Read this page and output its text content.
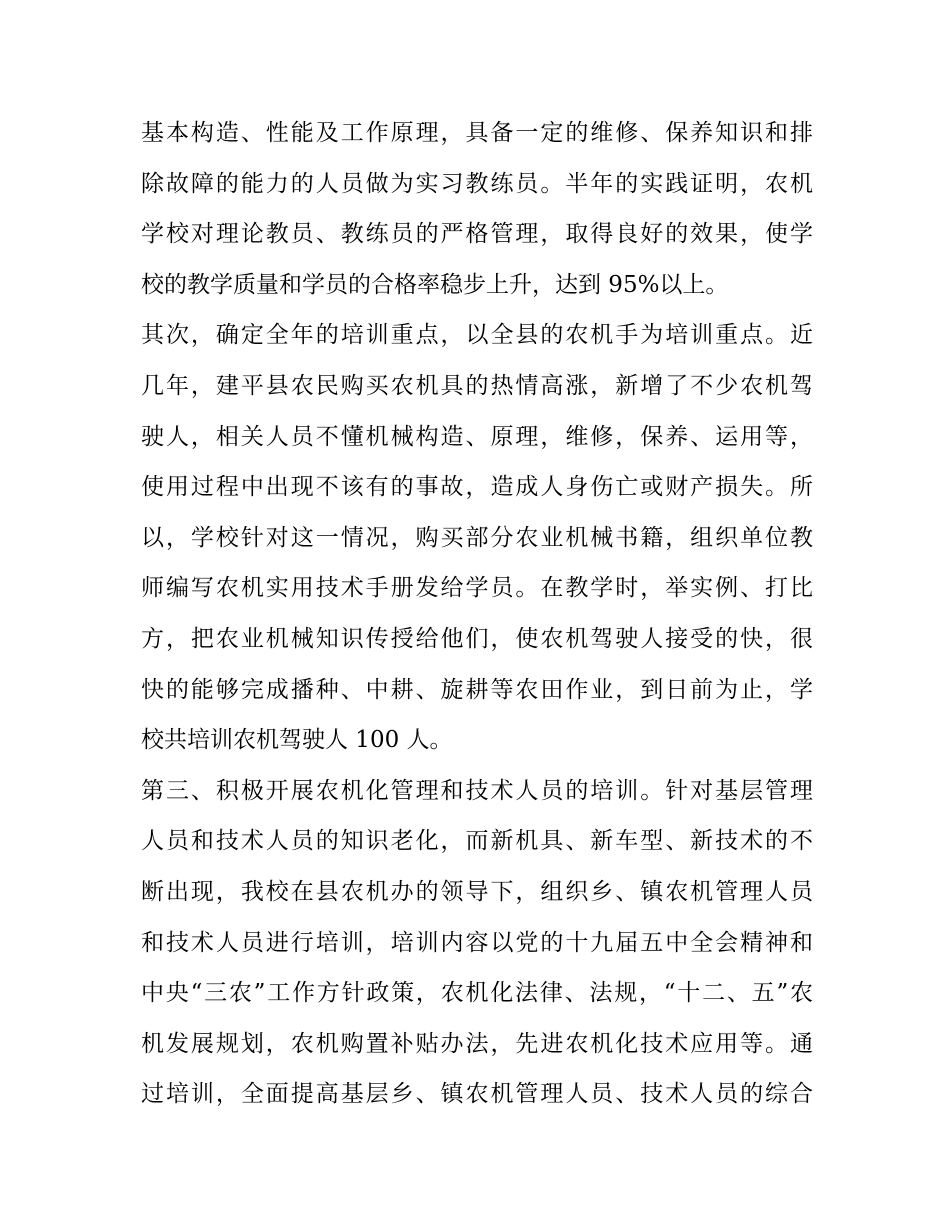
基本构造、性能及工作原理，具备一定的维修、保养知识和排
除故障的能力的人员做为实习教练员。半年的实践证明，农机
学校对理论教员、教练员的严格管理，取得良好的效果，使学
校的教学质量和学员的合格率稳步上升，达到 95%以上。
其次，确定全年的培训重点，以全县的农机手为培训重点。近
几年，建平县农民购买农机具的热情高涨，新增了不少农机驾
驶人，相关人员不懂机械构造、原理，维修，保养、运用等，
使用过程中出现不该有的事故，造成人身伤亡或财产损失。所
以，学校针对这一情况，购买部分农业机械书籍，组织单位教
师编写农机实用技术手册发给学员。在教学时，举实例、打比
方，把农业机械知识传授给他们，使农机驾驶人接受的快，很
快的能够完成播种、中耕、旋耕等农田作业，到日前为止，学
校共培训农机驾驶人 100 人。
第三、积极开展农机化管理和技术人员的培训。针对基层管理
人员和技术人员的知识老化，而新机具、新车型、新技术的不
断出现，我校在县农机办的领导下，组织乡、镇农机管理人员
和技术人员进行培训，培训内容以党的十九届五中全会精神和
中央“三农”工作方针政策，农机化法律、法规，“十二、五”农
机发展规划，农机购置补贴办法，先进农机化技术应用等。通
过培训，全面提高基层乡、镇农机管理人员、技术人员的综合
